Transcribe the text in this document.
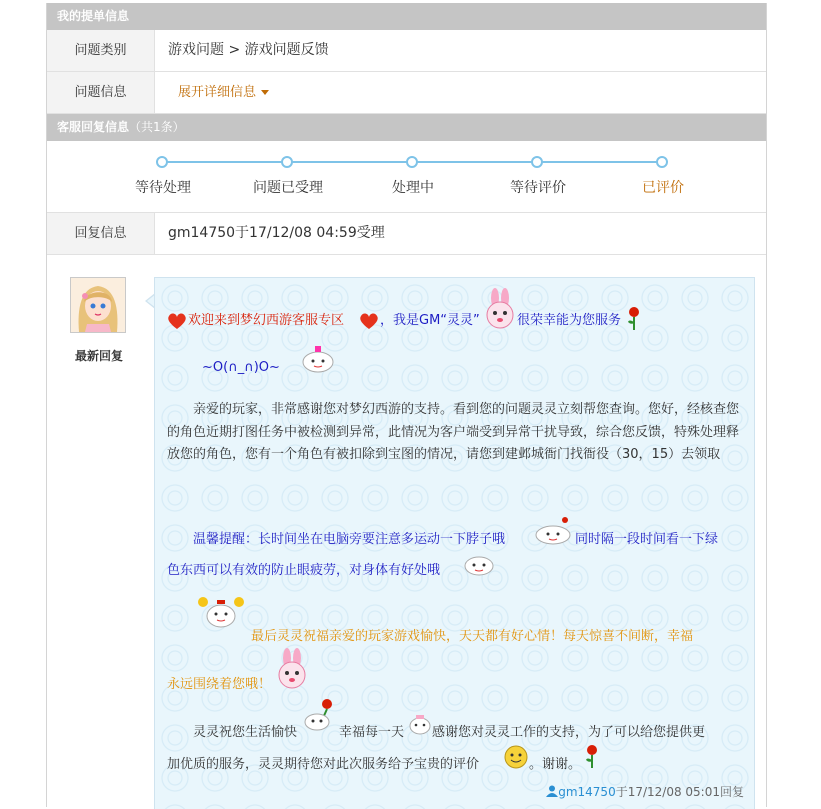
我的提单信息
问题类别	游戏问题 > 游戏问题反馈
问题信息	展开详细信息
客服回复信息（共1条）
等待处理	问题已受理	处理中	等待评价	已评价
回复信息	gm14750于17/12/08 04:59受理
最新回复
欢迎来到梦幻西游客服专区	，我是GM“灵灵”	很荣幸能为您服务
~O(∩_∩)O~
亲爱的玩家，非常感谢您对梦幻西游的支持。看到您的问题灵灵立刻帮您查询。您好，经核查您的角色近期打图任务中被检测到异常，此情况为客户端受到异常干扰导致，综合您反馈，特殊处理释放您的角色，您有一个角色有被扣除到宝图的情况，请您到建邺城衙门找衙役（30，15）去领取
温馨提醒：长时间坐在电脑旁要注意多运动一下脖子哦	同时隔一段时间看一下绿
色东西可以有效的防止眼疲劳，对身体有好处哦
最后灵灵祝福亲爱的玩家游戏愉快，天天都有好心情！每天惊喜不间断，幸福
永远围绕着您哦！
灵灵祝您生活愉快	幸福每一天 感谢您对灵灵工作的支持，为了可以给您提供更
加优质的服务，灵灵期待您对此次服务给予宝贵的评价	。谢谢。
gm14750于17/12/08 05:01回复
